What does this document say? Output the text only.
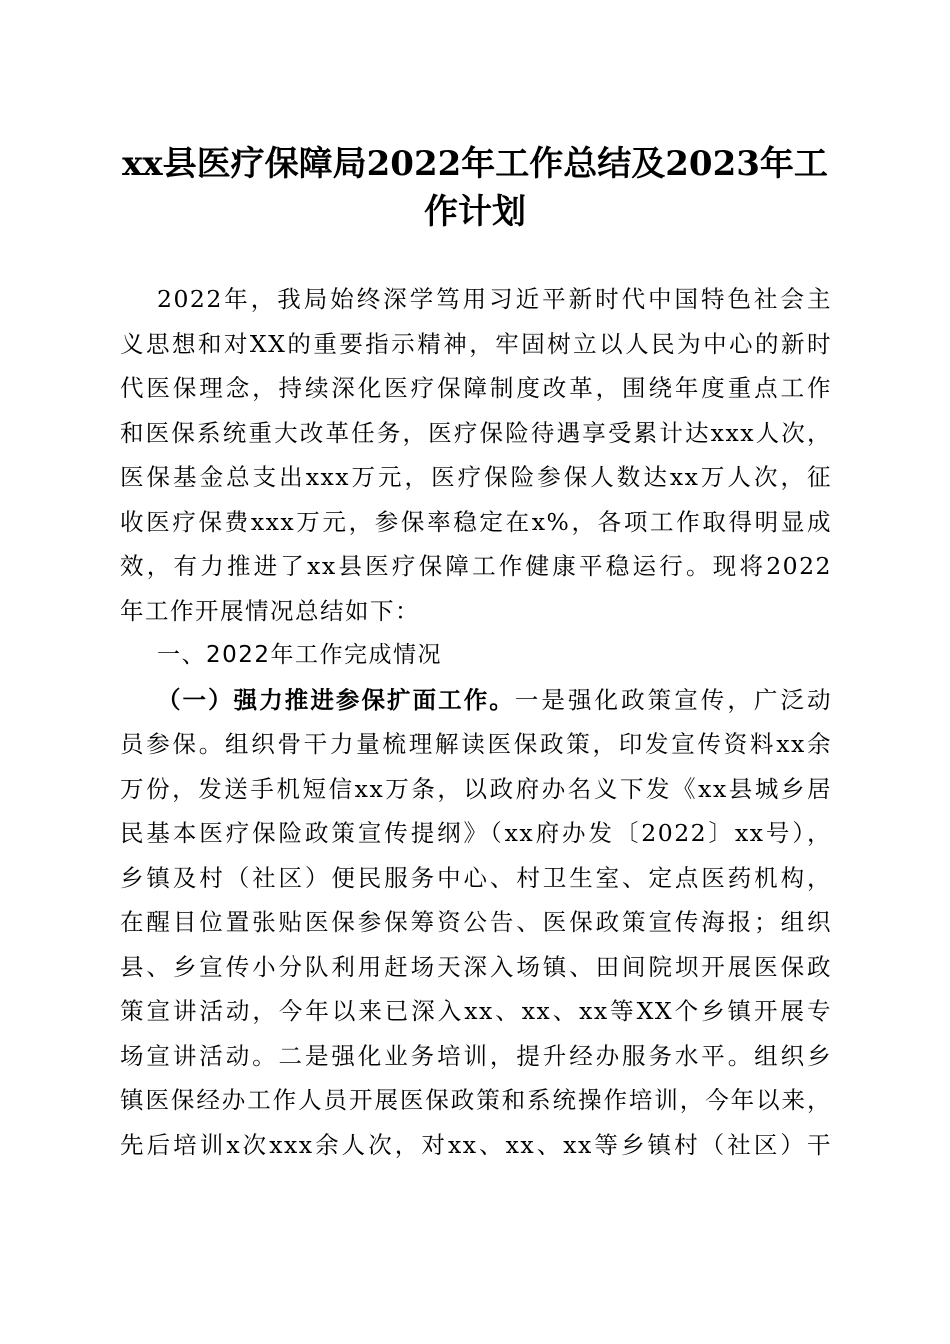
xx县医疗保障局2022年工作总结及2023年工
作计划
2022年，我局始终深学笃用习近平新时代中国特色社会主
义思想和对XX的重要指示精神，牢固树立以人民为中心的新时
代医保理念，持续深化医疗保障制度改革，围绕年度重点工作
和医保系统重大改革任务，医疗保险待遇享受累计达xxx人次，
医保基金总支出xxx万元，医疗保险参保人数达xx万人次，征
收医疗保费xxx万元，参保率稳定在x%，各项工作取得明显成
效，有力推进了xx县医疗保障工作健康平稳运行。现将2022
年工作开展情况总结如下：
一、2022年工作完成情况
（一）强力推进参保扩面工作。一是强化政策宣传，广泛动
员参保。组织骨干力量梳理解读医保政策，印发宣传资料xx余
万份，发送手机短信xx万条，以政府办名义下发《xx县城乡居
民基本医疗保险政策宣传提纲》（xx府办发〔2022〕xx号），
乡镇及村（社区）便民服务中心、村卫生室、定点医药机构，
在醒目位置张贴医保参保筹资公告、医保政策宣传海报；组织
县、乡宣传小分队利用赶场天深入场镇、田间院坝开展医保政
策宣讲活动，今年以来已深入xx、xx、xx等XX个乡镇开展专
场宣讲活动。二是强化业务培训，提升经办服务水平。组织乡
镇医保经办工作人员开展医保政策和系统操作培训，今年以来，
先后培训x次xxx余人次，对xx、xx、xx等乡镇村（社区）干
